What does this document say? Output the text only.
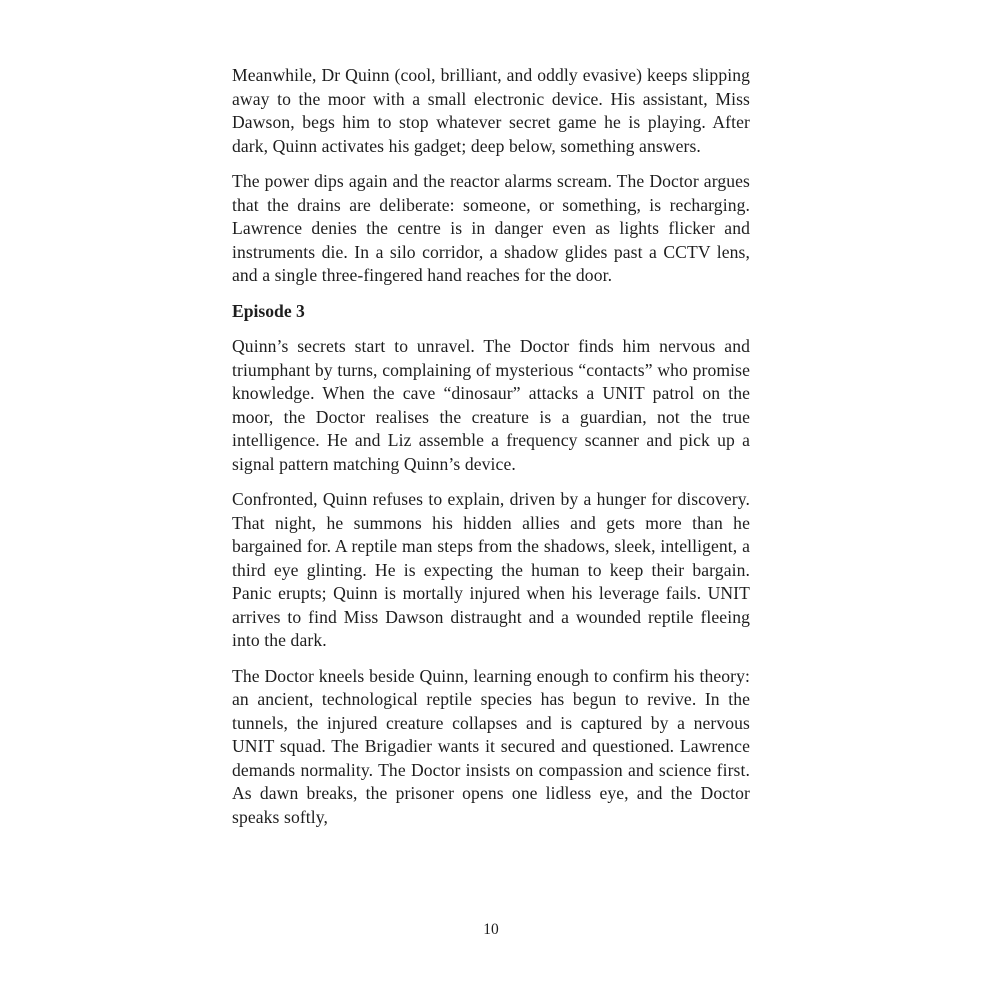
Meanwhile, Dr Quinn (cool, brilliant, and oddly evasive) keeps slipping away to the moor with a small electronic device. His assistant, Miss Dawson, begs him to stop whatever secret game he is playing. After dark, Quinn activates his gadget; deep below, something answers.

The power dips again and the reactor alarms scream. The Doctor argues that the drains are deliberate: someone, or something, is recharging. Lawrence denies the centre is in danger even as lights flicker and instruments die. In a silo corridor, a shadow glides past a CCTV lens, and a single three-fingered hand reaches for the door.

Episode 3

Quinn’s secrets start to unravel. The Doctor finds him nervous and triumphant by turns, complaining of mysterious “contacts” who promise knowledge. When the cave “dinosaur” attacks a UNIT patrol on the moor, the Doctor realises the creature is a guardian, not the true intelligence. He and Liz assemble a frequency scanner and pick up a signal pattern matching Quinn’s device.

Confronted, Quinn refuses to explain, driven by a hunger for discovery. That night, he summons his hidden allies and gets more than he bargained for. A reptile man steps from the shadows, sleek, intelligent, a third eye glinting. He is expecting the human to keep their bargain. Panic erupts; Quinn is mortally injured when his leverage fails. UNIT arrives to find Miss Dawson distraught and a wounded reptile fleeing into the dark.

The Doctor kneels beside Quinn, learning enough to confirm his theory: an ancient, technological reptile species has begun to revive. In the tunnels, the injured creature collapses and is captured by a nervous UNIT squad. The Brigadier wants it secured and questioned. Lawrence demands normality. The Doctor insists on compassion and science first. As dawn breaks, the prisoner opens one lidless eye, and the Doctor speaks softly,

10
